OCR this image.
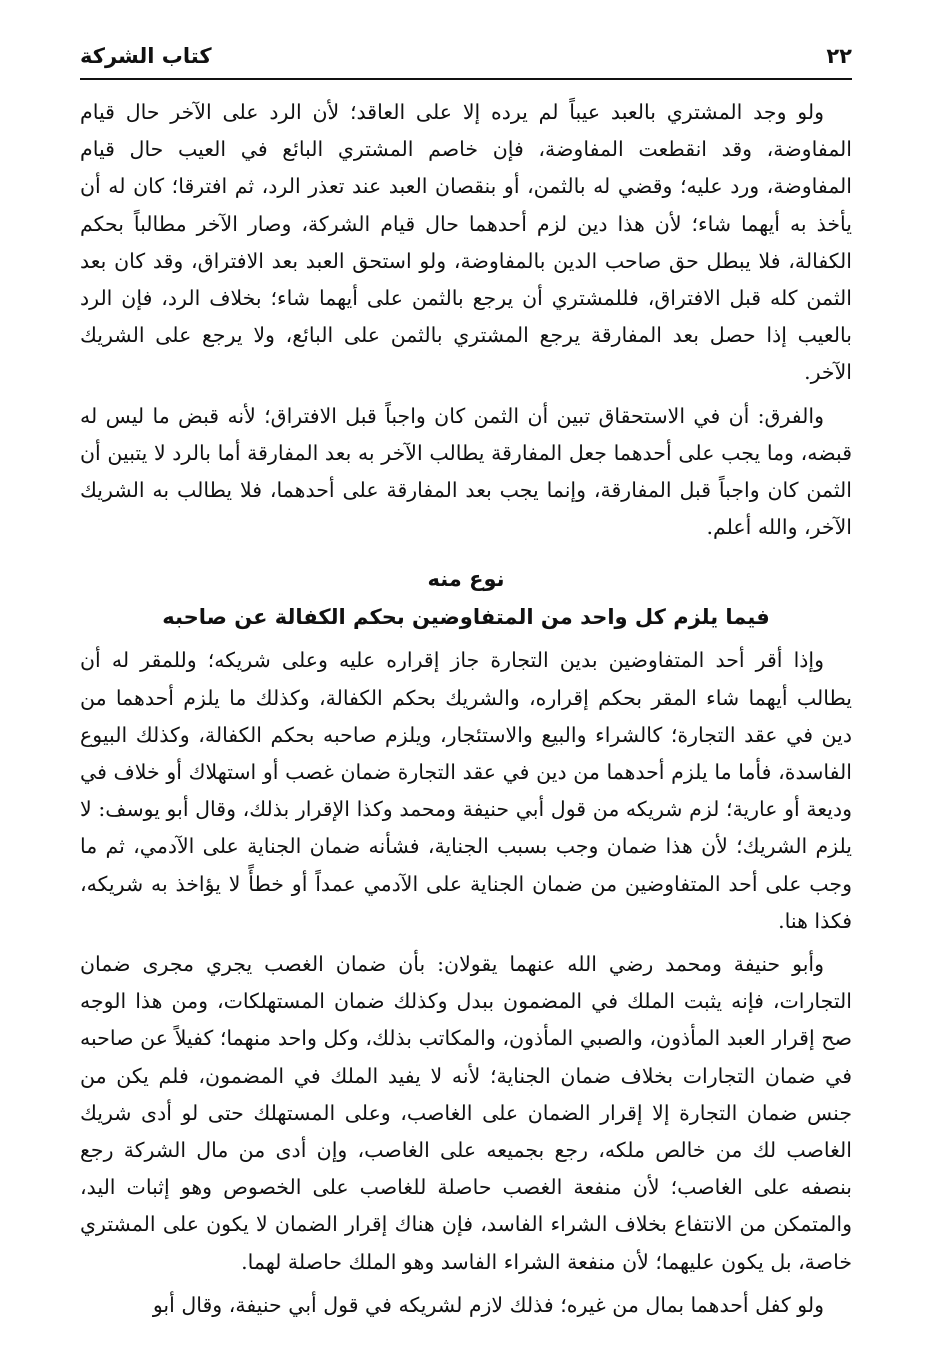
٢٢
كتاب الشركة

ولو وجد المشتري بالعبد عيباً لم يرده إلا على العاقد؛ لأن الرد على الآخر حال قيام المفاوضة، وقد انقطعت المفاوضة، فإن خاصم المشتري البائع في العيب حال قيام المفاوضة، ورد عليه؛ وقضي له بالثمن، أو بنقصان العبد عند تعذر الرد، ثم افترقا؛ كان له أن يأخذ به أيهما شاء؛ لأن هذا دين لزم أحدهما حال قيام الشركة، وصار الآخر مطالباً بحكم الكفالة، فلا يبطل حق صاحب الدين بالمفاوضة، ولو استحق العبد بعد الافتراق، وقد كان بعد الثمن كله قبل الافتراق، فللمشتري أن يرجع بالثمن على أيهما شاء؛ بخلاف الرد، فإن الرد بالعيب إذا حصل بعد المفارقة يرجع المشتري بالثمن على البائع، ولا يرجع على الشريك الآخر.

والفرق: أن في الاستحقاق تبين أن الثمن كان واجباً قبل الافتراق؛ لأنه قبض ما ليس له قبضه، وما يجب على أحدهما جعل المفارقة يطالب الآخر به بعد المفارقة أما بالرد لا يتبين أن الثمن كان واجباً قبل المفارقة، وإنما يجب بعد المفارقة على أحدهما، فلا يطالب به الشريك الآخر، والله أعلم.

نوع منه
فيما يلزم كل واحد من المتفاوضين بحكم الكفالة عن صاحبه

وإذا أقر أحد المتفاوضين بدين التجارة جاز إقراره عليه وعلى شريكه؛ وللمقر له أن يطالب أيهما شاء المقر بحكم إقراره، والشريك بحكم الكفالة، وكذلك ما يلزم أحدهما من دين في عقد التجارة؛ كالشراء والبيع والاستئجار، ويلزم صاحبه بحكم الكفالة، وكذلك البيوع الفاسدة، فأما ما يلزم أحدهما من دين في عقد التجارة ضمان غصب أو استهلاك أو خلاف في وديعة أو عارية؛ لزم شريكه من قول أبي حنيفة ومحمد وكذا الإقرار بذلك، وقال أبو يوسف: لا يلزم الشريك؛ لأن هذا ضمان وجب بسبب الجناية، فشأنه ضمان الجناية على الآدمي، ثم ما وجب على أحد المتفاوضين من ضمان الجناية على الآدمي عمداً أو خطأً لا يؤاخذ به شريكه، فكذا هنا.

وأبو حنيفة ومحمد رضي الله عنهما يقولان: بأن ضمان الغصب يجري مجرى ضمان التجارات، فإنه يثبت الملك في المضمون ببدل وكذلك ضمان المستهلكات، ومن هذا الوجه صح إقرار العبد المأذون، والصبي المأذون، والمكاتب بذلك، وكل واحد منهما؛ كفيلاً عن صاحبه في ضمان التجارات بخلاف ضمان الجناية؛ لأنه لا يفيد الملك في المضمون، فلم يكن من جنس ضمان التجارة إلا إقرار الضمان على الغاصب، وعلى المستهلك حتى لو أدى شريك الغاصب لك من خالص ملكه، رجع بجميعه على الغاصب، وإن أدى من مال الشركة رجع بنصفه على الغاصب؛ لأن منفعة الغصب حاصلة للغاصب على الخصوص وهو إثبات اليد، والمتمكن من الانتفاع بخلاف الشراء الفاسد، فإن هناك إقرار الضمان لا يكون على المشتري خاصة، بل يكون عليهما؛ لأن منفعة الشراء الفاسد وهو الملك حاصلة لهما.

ولو كفل أحدهما بمال من غيره؛ فذلك لازم لشريكه في قول أبي حنيفة، وقال أبو
